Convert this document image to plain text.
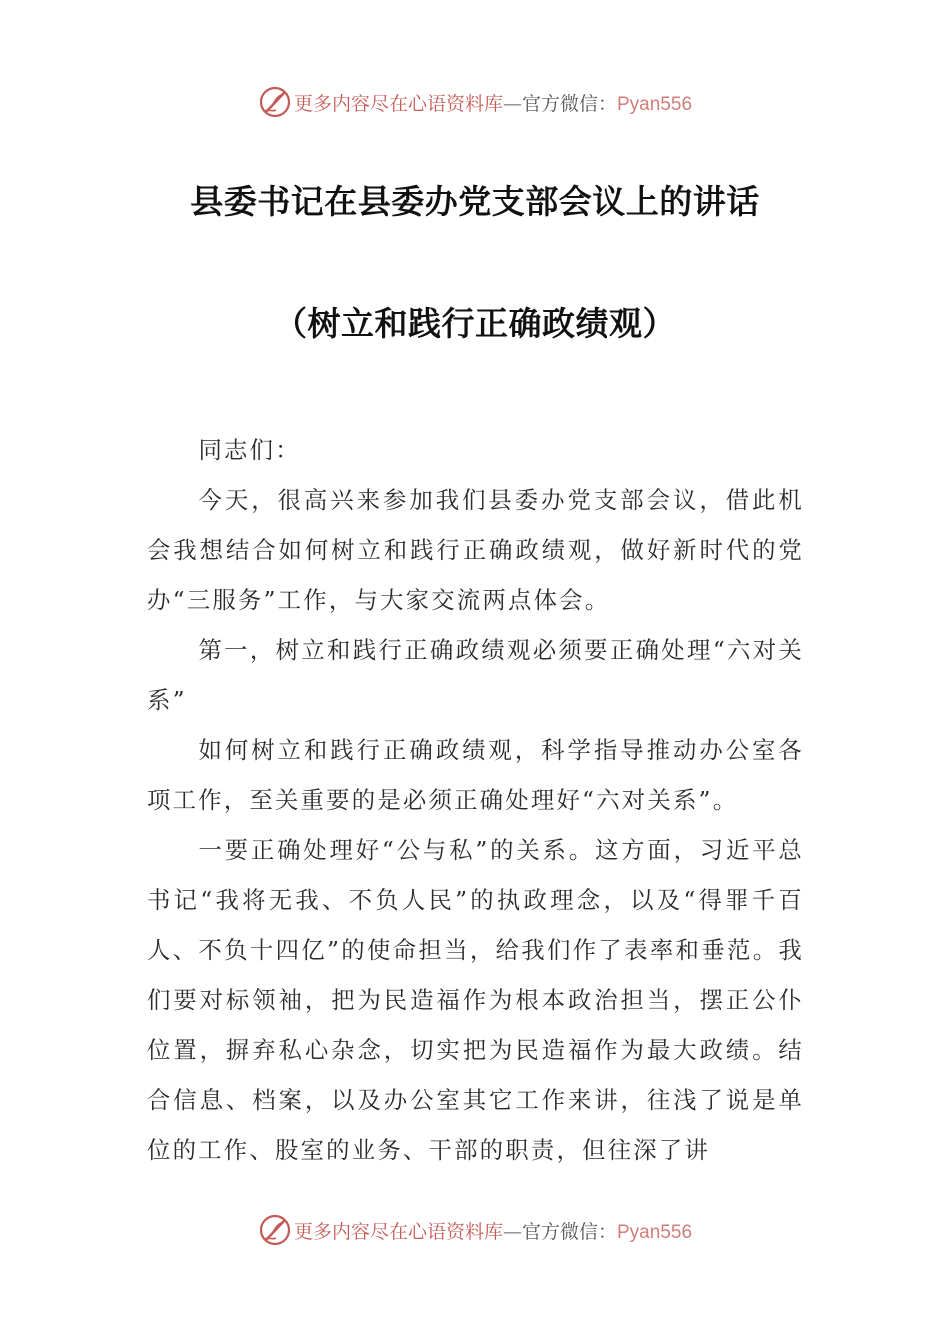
更多内容尽在心语资料库—官方微信：Pyan556
县委书记在县委办党支部会议上的讲话
（树立和践行正确政绩观）

同志们：

今天，很高兴来参加我们县委办党支部会议，借此机会我想结合如何树立和践行正确政绩观，做好新时代的党办“三服务”工作，与大家交流两点体会。

第一，树立和践行正确政绩观必须要正确处理“六对关系”

如何树立和践行正确政绩观，科学指导推动办公室各项工作，至关重要的是必须正确处理好“六对关系”。

一要正确处理好“公与私”的关系。这方面，习近平总书记“我将无我、不负人民”的执政理念，以及“得罪千百人、不负十四亿”的使命担当，给我们作了表率和垂范。我们要对标领袖，把为民造福作为根本政治担当，摆正公仆位置，摒弃私心杂念，切实把为民造福作为最大政绩。结合信息、档案，以及办公室其它工作来讲，往浅了说是单位的工作、股室的业务、干部的职责，但往深了讲

更多内容尽在心语资料库—官方微信：Pyan556
